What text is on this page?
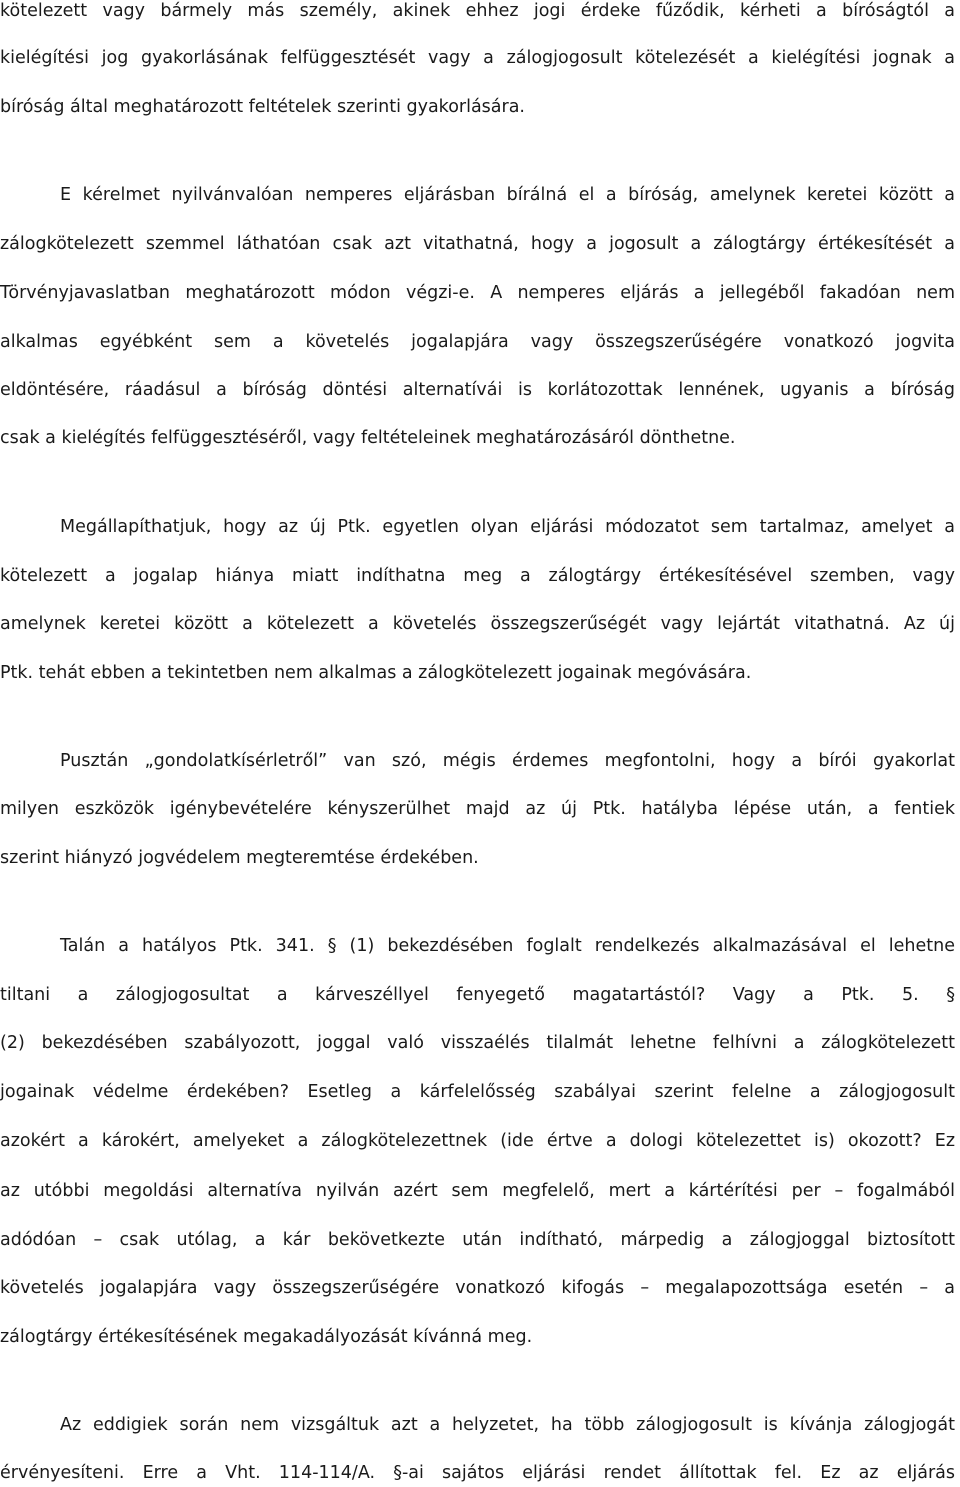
kötelezett vagy bármely más személy, akinek ehhez jogi érdeke fűződik, kérheti a bíróságtól a
kielégítési jog gyakorlásának felfüggesztését vagy a zálogjogosult kötelezését a kielégítési jognak a
bíróság által meghatározott feltételek szerinti gyakorlására.
E kérelmet nyilvánvalóan nemperes eljárásban bírálná el a bíróság, amelynek keretei között a
zálogkötelezett szemmel láthatóan csak azt vitathatná, hogy a jogosult a zálogtárgy értékesítését a
Törvényjavaslatban meghatározott módon végzi-e. A nemperes eljárás a jellegéből fakadóan nem
alkalmas egyébként sem a követelés jogalapjára vagy összegszerűségére vonatkozó jogvita
eldöntésére, ráadásul a bíróság döntési alternatívái is korlátozottak lennének, ugyanis a bíróság
csak a kielégítés felfüggesztéséről, vagy feltételeinek meghatározásáról dönthetne.
Megállapíthatjuk, hogy az új Ptk. egyetlen olyan eljárási módozatot sem tartalmaz, amelyet a
kötelezett a jogalap hiánya miatt indíthatna meg a zálogtárgy értékesítésével szemben, vagy
amelynek keretei között a kötelezett a követelés összegszerűségét vagy lejártát vitathatná. Az új
Ptk. tehát ebben a tekintetben nem alkalmas a zálogkötelezett jogainak megóvására.
Pusztán „gondolatkísérletről” van szó, mégis érdemes megfontolni, hogy a bírói gyakorlat
milyen eszközök igénybevételére kényszerülhet majd az új Ptk. hatályba lépése után, a fentiek
szerint hiányzó jogvédelem megteremtése érdekében.
Talán a hatályos Ptk. 341. § (1) bekezdésében foglalt rendelkezés alkalmazásával el lehetne
tiltani a zálogjogosultat a kárveszéllyel fenyegető magatartástól? Vagy a Ptk. 5. §
(2) bekezdésében szabályozott, joggal való visszaélés tilalmát lehetne felhívni a zálogkötelezett
jogainak védelme érdekében? Esetleg a kárfelelősség szabályai szerint felelne a zálogjogosult
azokért a károkért, amelyeket a zálogkötelezettnek (ide értve a dologi kötelezettet is) okozott? Ez
az utóbbi megoldási alternatíva nyilván azért sem megfelelő, mert a kártérítési per – fogalmából
adódóan – csak utólag, a kár bekövetkezte után indítható, márpedig a zálogjoggal biztosított
követelés jogalapjára vagy összegszerűségére vonatkozó kifogás – megalapozottsága esetén – a
zálogtárgy értékesítésének megakadályozását kívánná meg.
Az eddigiek során nem vizsgáltuk azt a helyzetet, ha több zálogjogosult is kívánja zálogjogát
érvényesíteni. Erre a Vht. 114-114/A. §-ai sajátos eljárási rendet állítottak fel. Ez az eljárás
